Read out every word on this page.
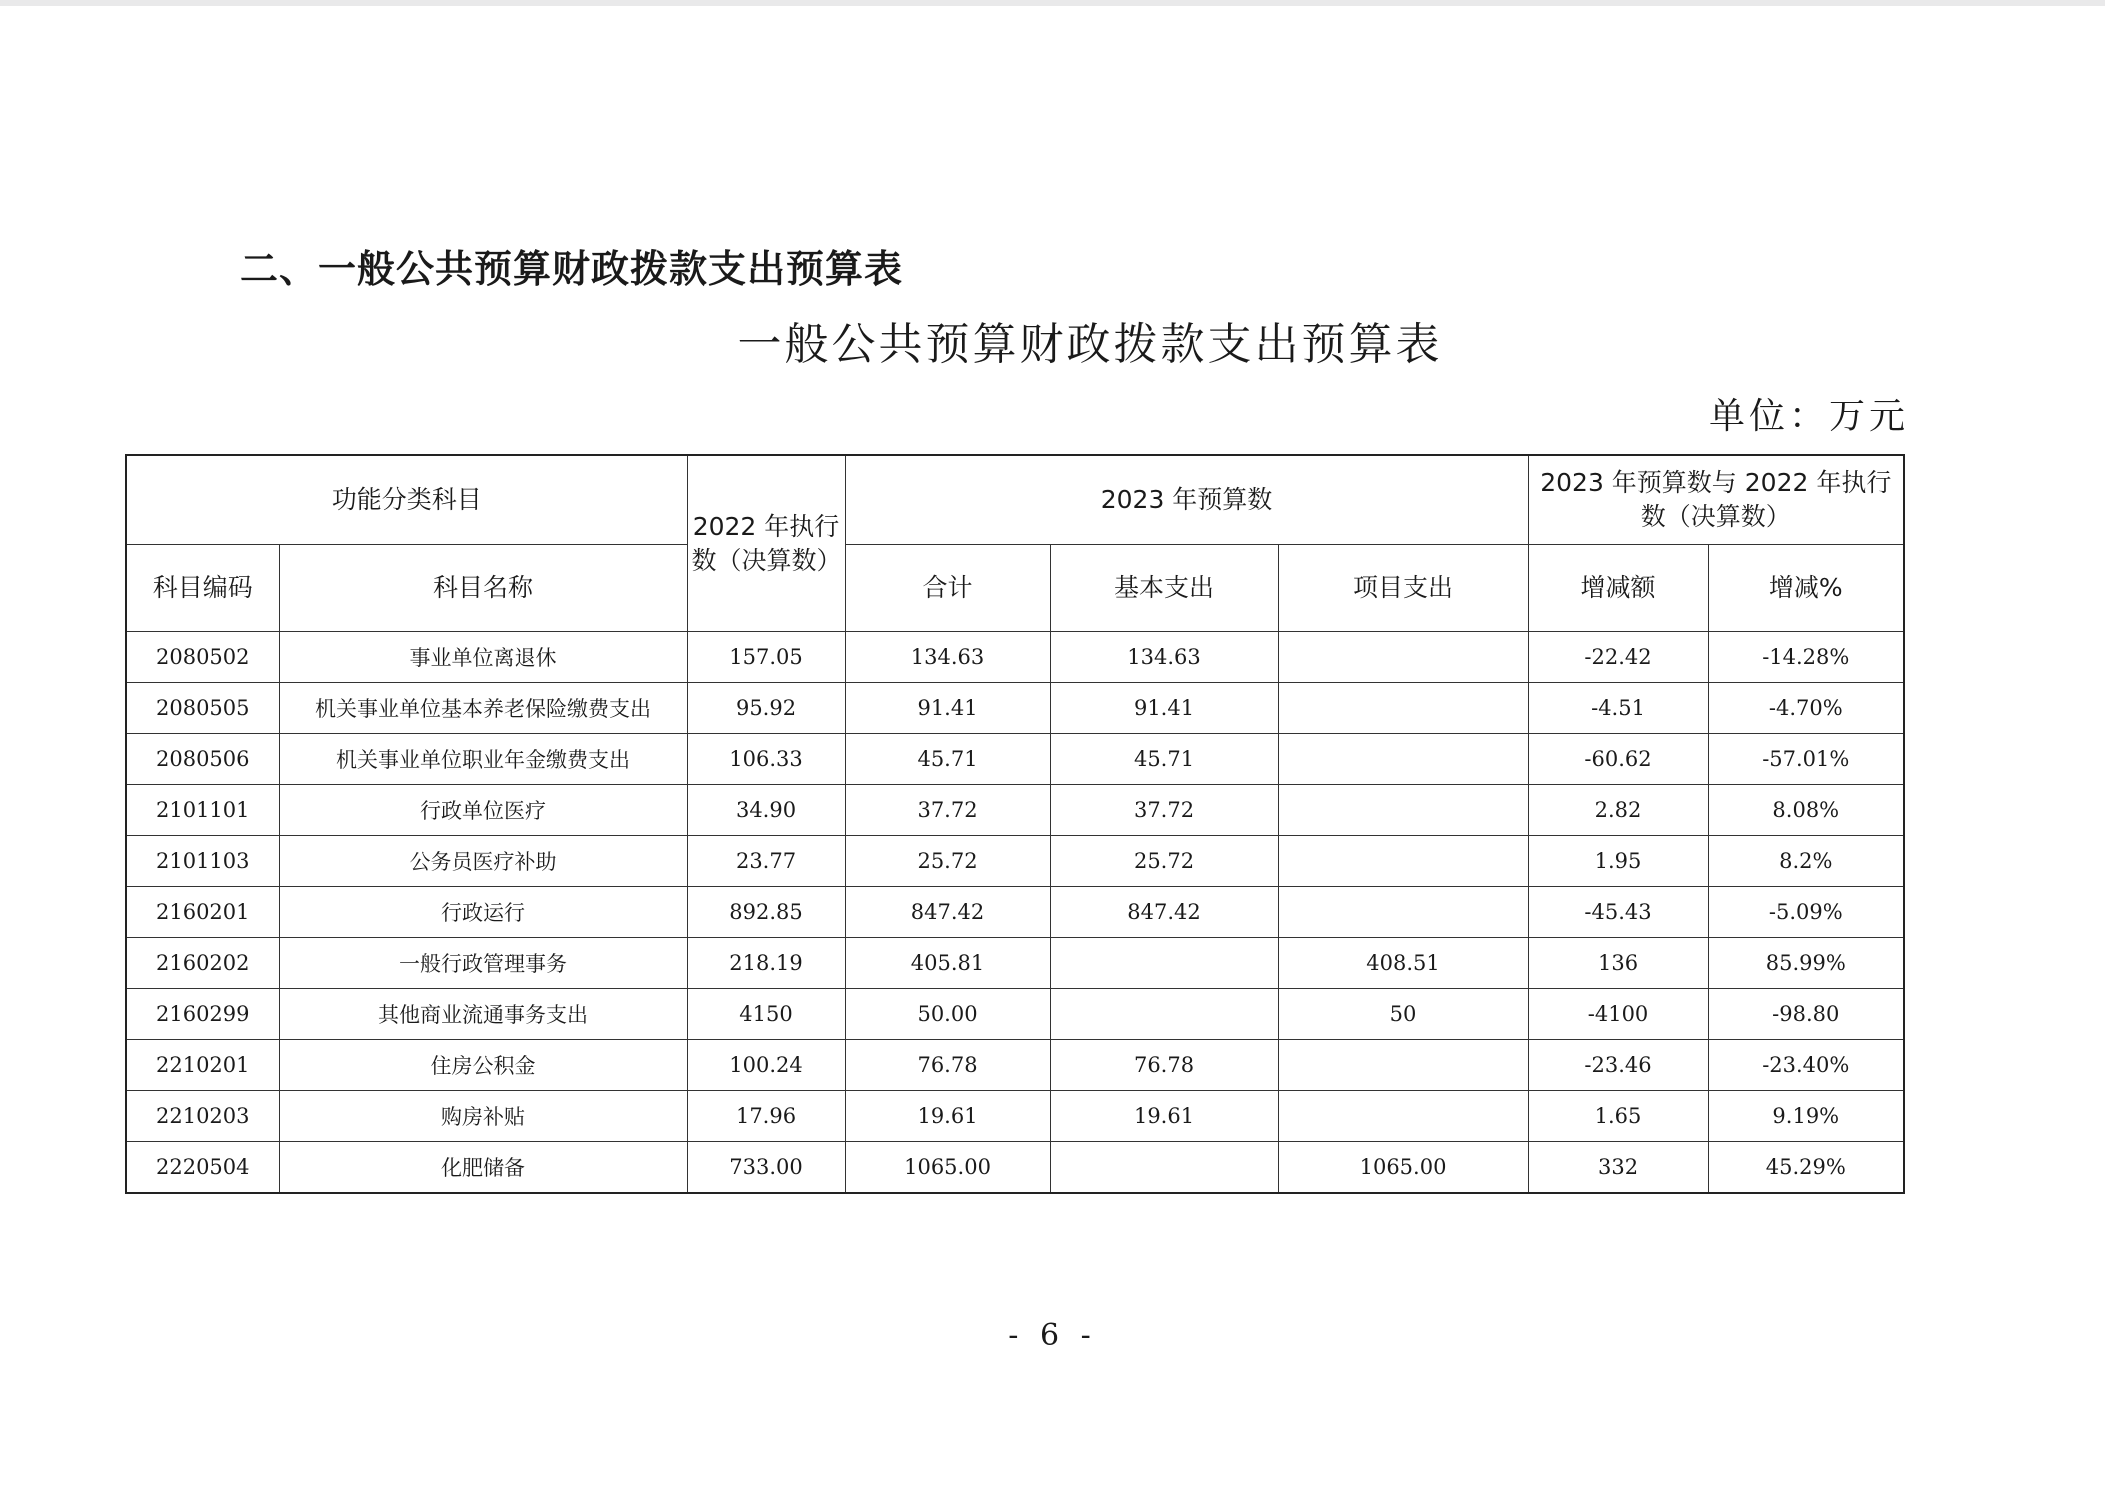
二、一般公共预算财政拨款支出预算表
一般公共预算财政拨款支出预算表
单位：万元
功能分类科目		2022 年执行数（决算数）	2023 年预算数			2023 年预算数与 2022 年执行数（决算数）	
科目编码	科目名称		合计	基本支出	项目支出	增减额	增减%
2080502	事业单位离退休	157.05	134.63	134.63		-22.42	-14.28%
2080505	机关事业单位基本养老保险缴费支出	95.92	91.41	91.41		-4.51	-4.70%
2080506	机关事业单位职业年金缴费支出	106.33	45.71	45.71		-60.62	-57.01%
2101101	行政单位医疗	34.90	37.72	37.72		2.82	8.08%
2101103	公务员医疗补助	23.77	25.72	25.72		1.95	8.2%
2160201	行政运行	892.85	847.42	847.42		-45.43	-5.09%
2160202	一般行政管理事务	218.19	405.81		408.51	136	85.99%
2160299	其他商业流通事务支出	4150	50.00		50	-4100	-98.80
2210201	住房公积金	100.24	76.78	76.78		-23.46	-23.40%
2210203	购房补贴	17.96	19.61	19.61		1.65	9.19%
2220504	化肥储备	733.00	1065.00		1065.00	332	45.29%
- 6 -
